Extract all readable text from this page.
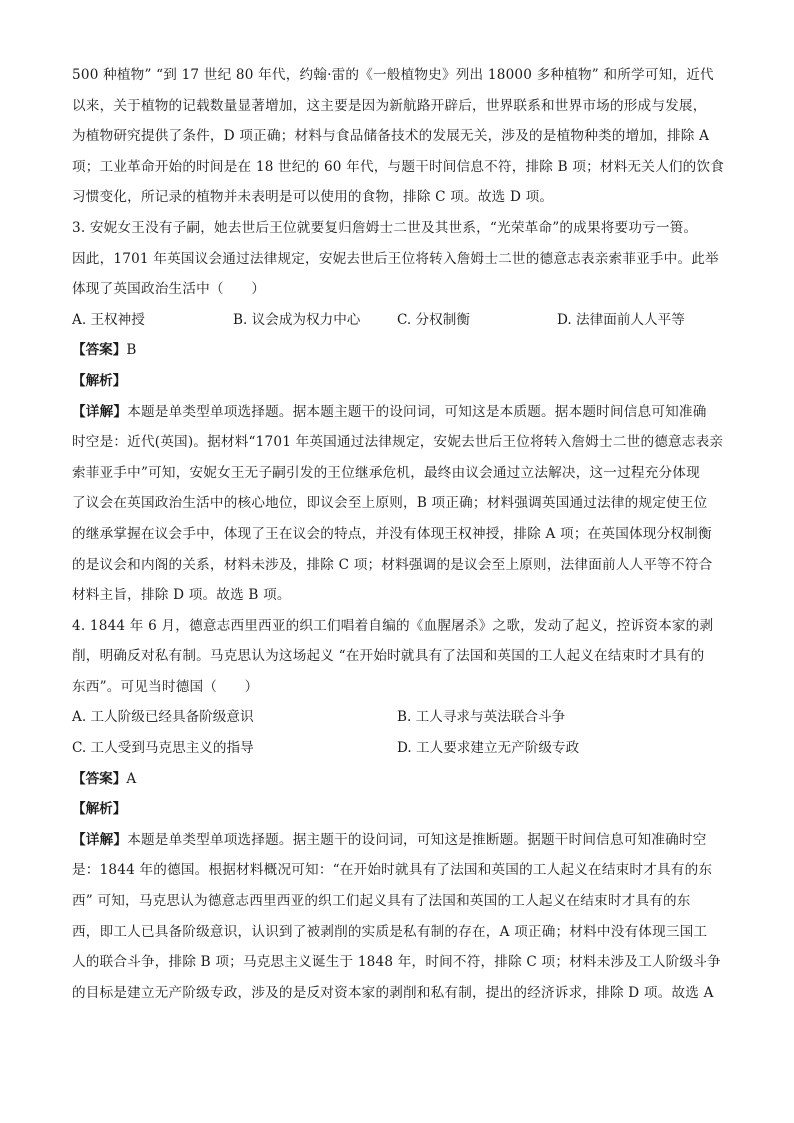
500 种植物” “到 17 世纪 80 年代，约翰·雷的《一般植物史》列出 18000 多种植物” 和所学可知，近代
以来，关于植物的记载数量显著增加，这主要是因为新航路开辟后，世界联系和世界市场的形成与发展，
为植物研究提供了条件，D 项正确；材料与食品储备技术的发展无关，涉及的是植物种类的增加，排除 A
项；工业革命开始的时间是在 18 世纪的 60 年代，与题干时间信息不符，排除 B 项；材料无关人们的饮食
习惯变化，所记录的植物并未表明是可以使用的食物，排除 C 项。故选 D 项。
3. 安妮女王没有子嗣，她去世后王位就要复归詹姆士二世及其世系，“光荣革命”的成果将要功亏一篑。
因此，1701 年英国议会通过法律规定，安妮去世后王位将转入詹姆士二世的德意志表亲索菲亚手中。此举
体现了英国政治生活中（　　）
A. 王权神授	B. 议会成为权力中心	C. 分权制衡	D. 法律面前人人平等
【答案】B
【解析】
【详解】本题是单类型单项选择题。据本题主题干的设问词，可知这是本质题。据本题时间信息可知准确
时空是：近代(英国)。据材料“1701 年英国通过法律规定，安妮去世后王位将转入詹姆士二世的德意志表亲
索菲亚手中”可知，安妮女王无子嗣引发的王位继承危机，最终由议会通过立法解决，这一过程充分体现
了议会在英国政治生活中的核心地位，即议会至上原则，B 项正确；材料强调英国通过法律的规定使王位
的继承掌握在议会手中，体现了王在议会的特点，并没有体现王权神授，排除 A 项；在英国体现分权制衡
的是议会和内阁的关系，材料未涉及，排除 C 项；材料强调的是议会至上原则，法律面前人人平等不符合
材料主旨，排除 D 项。故选 B 项。
4. 1844 年 6 月，德意志西里西亚的织工们唱着自编的《血腥屠杀》之歌，发动了起义，控诉资本家的剥
削，明确反对私有制。马克思认为这场起义 “在开始时就具有了法国和英国的工人起义在结束时才具有的
东西”。可见当时德国（　　）
A. 工人阶级已经具备阶级意识	B. 工人寻求与英法联合斗争
C. 工人受到马克思主义的指导	D. 工人要求建立无产阶级专政
【答案】A
【解析】
【详解】本题是单类型单项选择题。据主题干的设问词，可知这是推断题。据题干时间信息可知准确时空
是：1844 年的德国。根据材料概况可知：“在开始时就具有了法国和英国的工人起义在结束时才具有的东
西” 可知，马克思认为德意志西里西亚的织工们起义具有了法国和英国的工人起义在结束时才具有的东
西，即工人已具备阶级意识，认识到了被剥削的实质是私有制的存在，A 项正确；材料中没有体现三国工
人的联合斗争，排除 B 项；马克思主义诞生于 1848 年，时间不符，排除 C 项；材料未涉及工人阶级斗争
的目标是建立无产阶级专政，涉及的是反对资本家的剥削和私有制，提出的经济诉求，排除 D 项。故选 A
